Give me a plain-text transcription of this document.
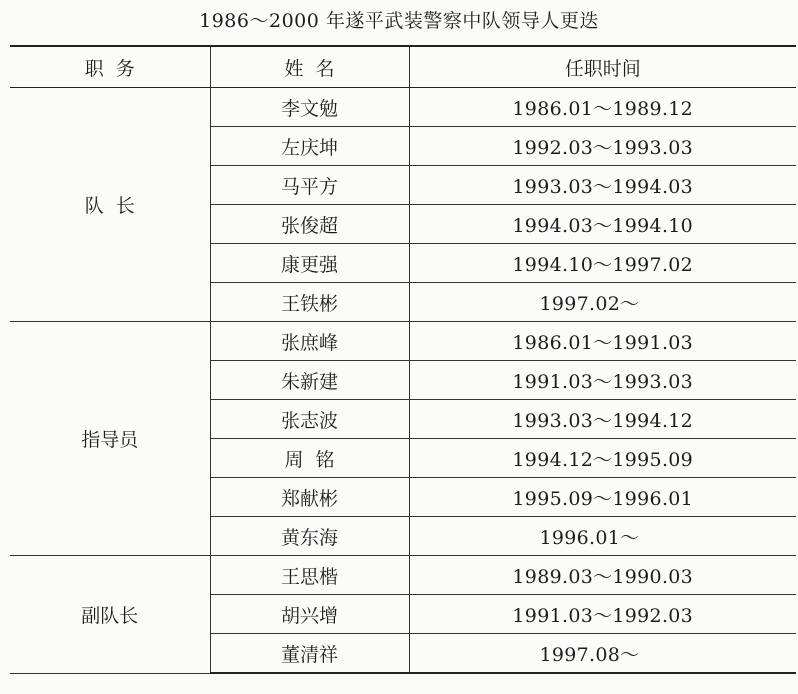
1986～2000 年遂平武装警察中队领导人更迭
职  务	姓  名	任职时间
队  长	李文勉	1986.01～1989.12
	左庆坤	1992.03～1993.03
	马平方	1993.03～1994.03
	张俊超	1994.03～1994.10
	康更强	1994.10～1997.02
	王铁彬	1997.02～
指导员	张庶峰	1986.01～1991.03
	朱新建	1991.03～1993.03
	张志波	1993.03～1994.12
	周  铭	1994.12～1995.09
	郑献彬	1995.09～1996.01
	黄东海	1996.01～
副队长	王思楷	1989.03～1990.03
	胡兴增	1991.03～1992.03
	董清祥	1997.08～
